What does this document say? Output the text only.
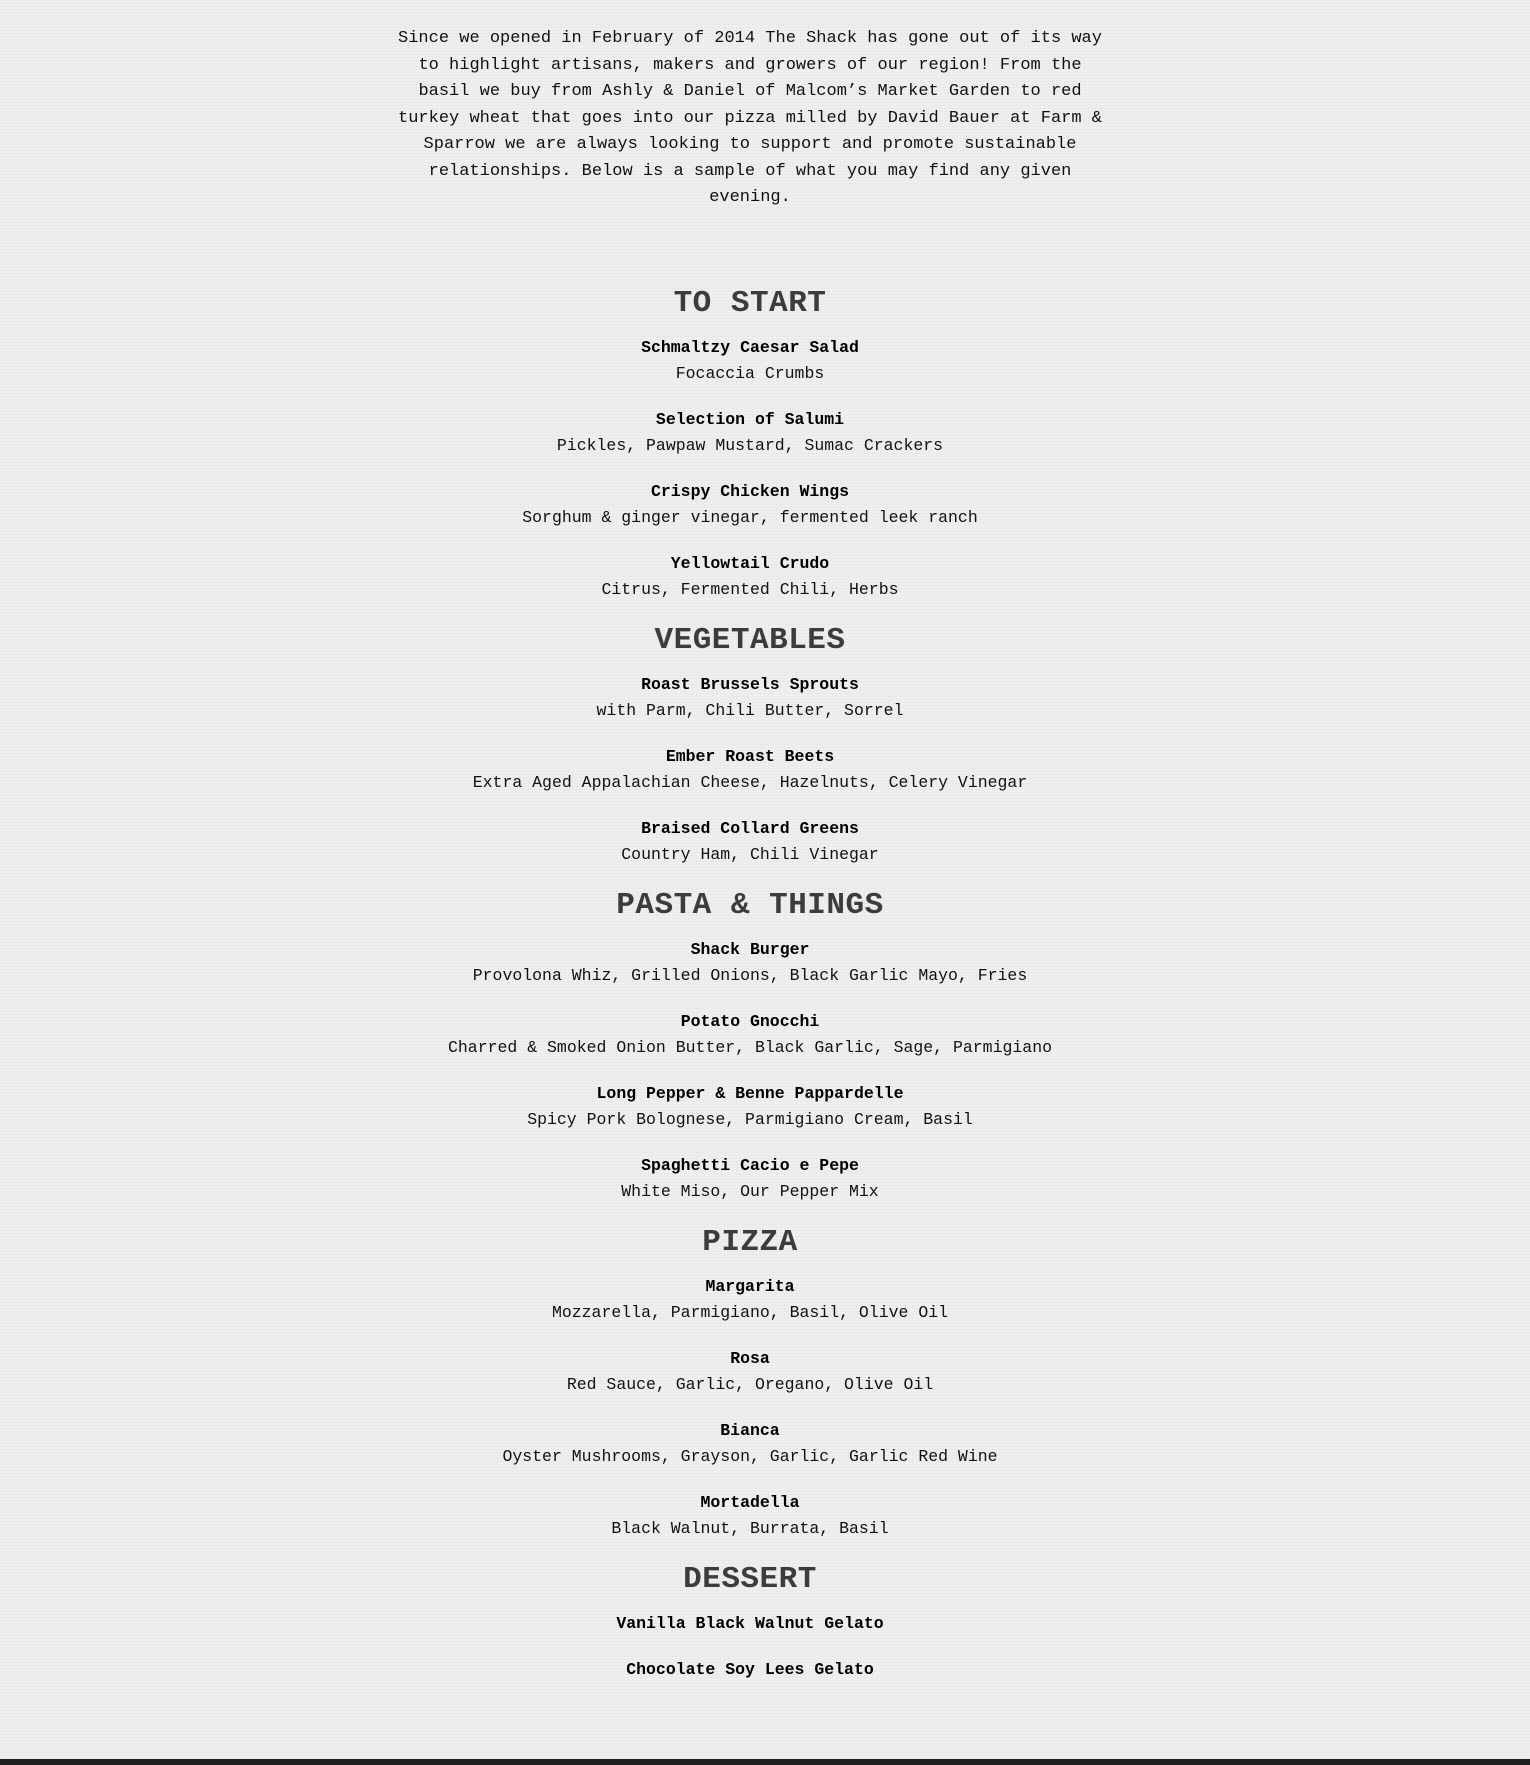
Since we opened in February of 2014 The Shack has gone out of its way to highlight artisans, makers and growers of our region! From the basil we buy from Ashly & Daniel of Malcom’s Market Garden to red turkey wheat that goes into our pizza milled by David Bauer at Farm & Sparrow we are always looking to support and promote sustainable relationships. Below is a sample of what you may find any given evening.

TO START
Schmaltzy Caesar Salad
Focaccia Crumbs
Selection of Salumi
Pickles, Pawpaw Mustard, Sumac Crackers
Crispy Chicken Wings
Sorghum & ginger vinegar, fermented leek ranch
Yellowtail Crudo
Citrus, Fermented Chili, Herbs
VEGETABLES
Roast Brussels Sprouts
with Parm, Chili Butter, Sorrel
Ember Roast Beets
Extra Aged Appalachian Cheese, Hazelnuts, Celery Vinegar
Braised Collard Greens
Country Ham, Chili Vinegar
PASTA & THINGS
Shack Burger
Provolona Whiz, Grilled Onions, Black Garlic Mayo, Fries
Potato Gnocchi
Charred & Smoked Onion Butter, Black Garlic, Sage, Parmigiano
Long Pepper & Benne Pappardelle
Spicy Pork Bolognese, Parmigiano Cream, Basil
Spaghetti Cacio e Pepe
White Miso, Our Pepper Mix
PIZZA
Margarita
Mozzarella, Parmigiano, Basil, Olive Oil
Rosa
Red Sauce, Garlic, Oregano, Olive Oil
Bianca
Oyster Mushrooms, Grayson, Garlic, Garlic Red Wine
Mortadella
Black Walnut, Burrata, Basil
DESSERT
Vanilla Black Walnut Gelato
Chocolate Soy Lees Gelato
